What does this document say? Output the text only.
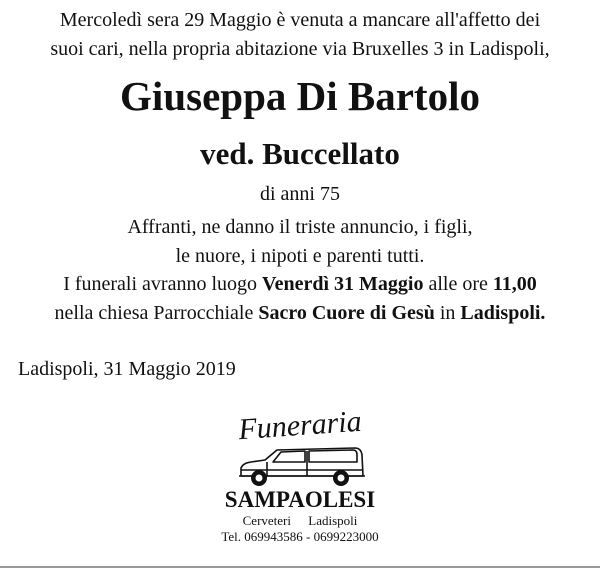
Mercoledì sera 29 Maggio è venuta a mancare all'affetto dei
suoi cari, nella propria abitazione via Bruxelles 3 in Ladispoli,
Giuseppa Di Bartolo
ved. Buccellato
di anni 75
Affranti, ne danno il triste annuncio, i figli,
le nuore, i nipoti e parenti tutti.
I funerali avranno luogo Venerdì 31 Maggio alle ore 11,00
nella chiesa Parrocchiale Sacro Cuore di Gesù in Ladispoli.
Ladispoli, 31 Maggio 2019
Funeraria
SAMPAOLESI
Cerveteri Ladispoli
Tel. 069943586 - 0699223000
